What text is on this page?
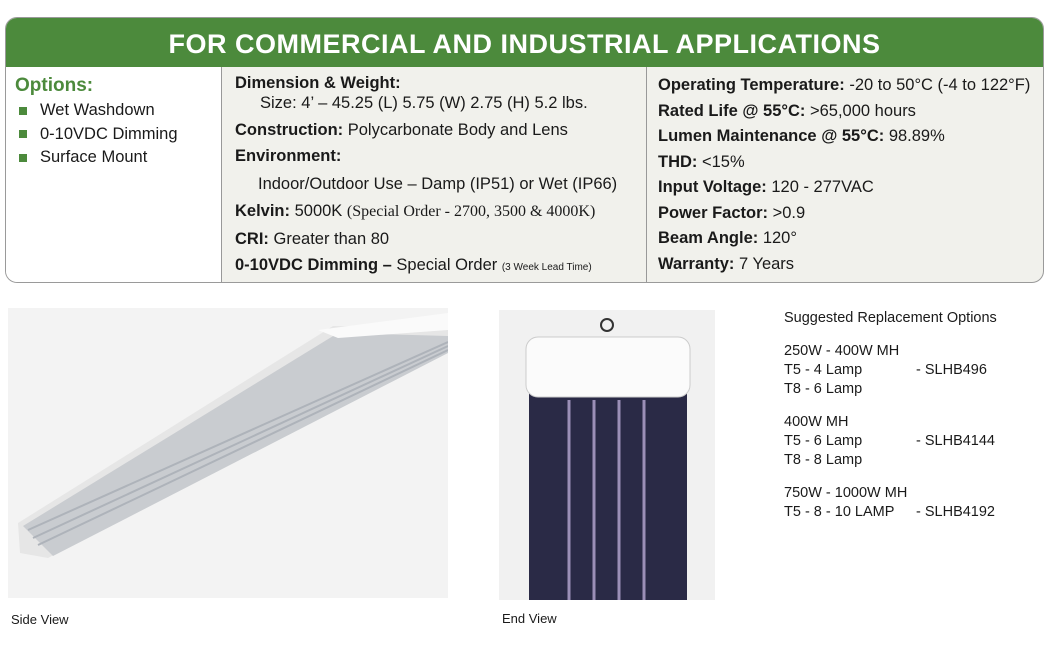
FOR COMMERCIAL AND INDUSTRIAL APPLICATIONS
Options:
Wet Washdown
0-10VDC Dimming
Surface Mount
Dimension & Weight:
Size: 4’ – 45.25 (L) 5.75 (W) 2.75 (H) 5.2 lbs.
Construction: Polycarbonate Body and Lens
Environment:
Indoor/Outdoor Use – Damp (IP51) or Wet (IP66)
Kelvin: 5000K (Special Order - 2700, 3500 & 4000K)
CRI: Greater than 80
0-10VDC Dimming – Special Order (3 Week Lead Time)
Operating Temperature: -20 to 50°C (-4 to 122°F)
Rated Life @ 55°C: >65,000 hours
Lumen Maintenance @ 55°C: 98.89%
THD: <15%
Input Voltage: 120 - 277VAC
Power Factor: >0.9
Beam Angle: 120°
Warranty: 7 Years
Side View	End View
Suggested Replacement Options
250W - 400W MH
T5 - 4 Lamp	- SLHB496
T8 - 6 Lamp
400W MH
T5 - 6 Lamp	- SLHB4144
T8 - 8 Lamp
750W - 1000W MH
T5 - 8 - 10 LAMP	- SLHB4192
